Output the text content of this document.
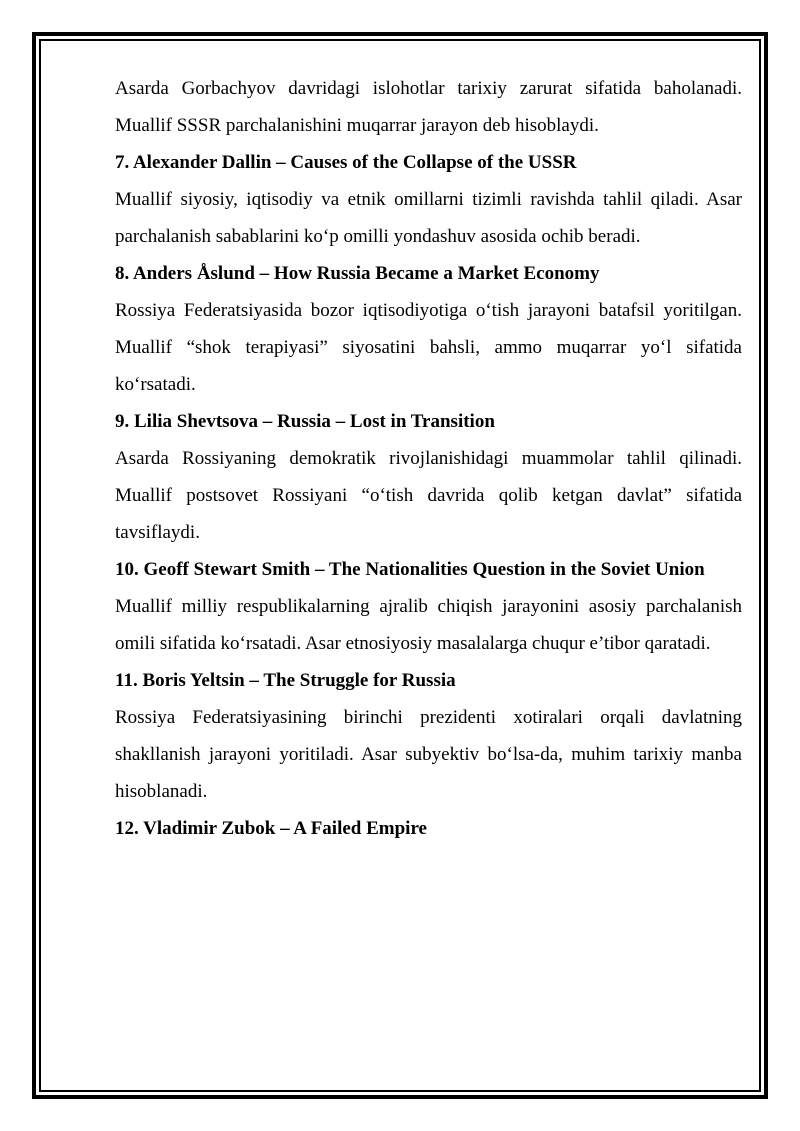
Asarda Gorbachyov davridagi islohotlar tarixiy zarurat sifatida baholanadi. Muallif SSSR parchalanishini muqarrar jarayon deb hisoblaydi.

7. Alexander Dallin – Causes of the Collapse of the USSR

Muallif siyosiy, iqtisodiy va etnik omillarni tizimli ravishda tahlil qiladi. Asar parchalanish sabablarini ko‘p omilli yondashuv asosida ochib beradi.

8. Anders Åslund – How Russia Became a Market Economy

Rossiya Federatsiyasida bozor iqtisodiyotiga o‘tish jarayoni batafsil yoritilgan. Muallif “shok terapiyasi” siyosatini bahsli, ammo muqarrar yo‘l sifatida ko‘rsatadi.

9. Lilia Shevtsova – Russia – Lost in Transition

Asarda Rossiyaning demokratik rivojlanishidagi muammolar tahlil qilinadi. Muallif postsovet Rossiyani “o‘tish davrida qolib ketgan davlat” sifatida tavsiflaydi.

10. Geoff Stewart Smith – The Nationalities Question in the Soviet Union

Muallif milliy respublikalarning ajralib chiqish jarayonini asosiy parchalanish omili sifatida ko‘rsatadi. Asar etnosiyosiy masalalarga chuqur e’tibor qaratadi.

11. Boris Yeltsin – The Struggle for Russia

Rossiya Federatsiyasining birinchi prezidenti xotiralari orqali davlatning shakllanish jarayoni yoritiladi. Asar subyektiv bo‘lsa-da, muhim tarixiy manba hisoblanadi.

12. Vladimir Zubok – A Failed Empire
